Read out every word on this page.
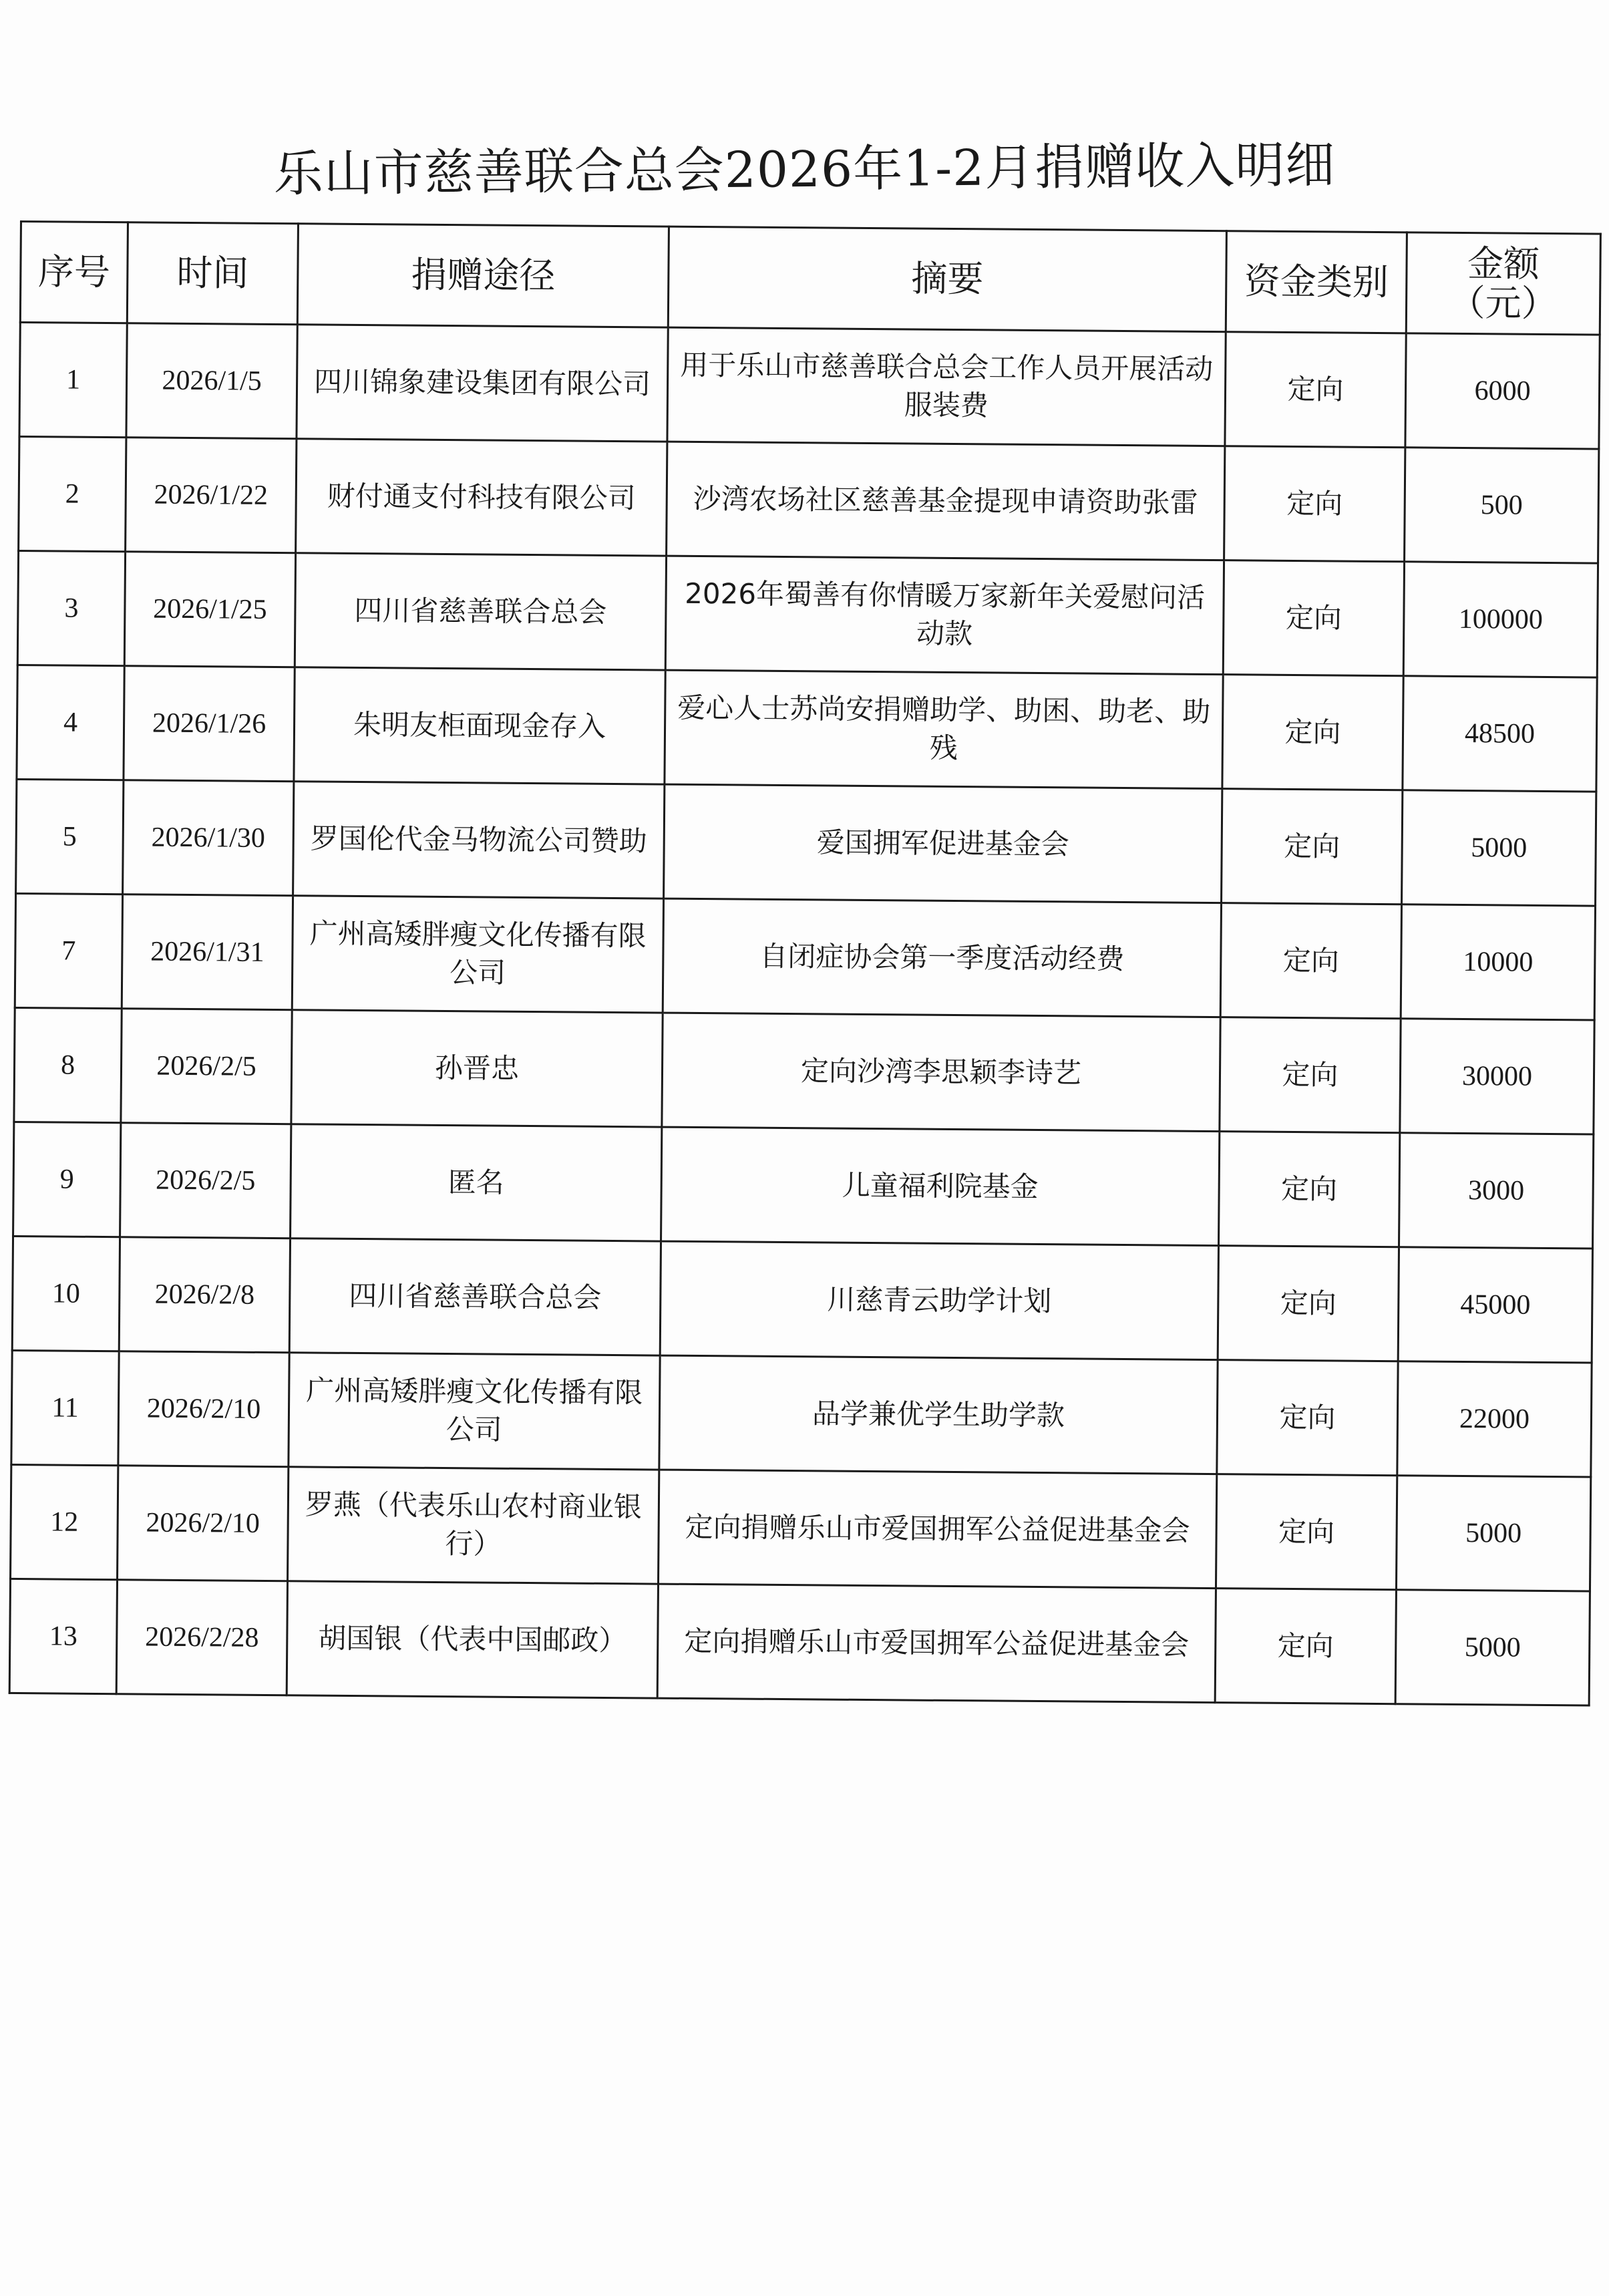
乐山市慈善联合总会2026年1-2月捐赠收入明细
序号	时间	捐赠途径	摘要	资金类别	金额
（元）

1	2026/1/5	四川锦象建设集团有限公司	用于乐山市慈善联合总会工作人员开展活动服装费	定向	6000
2	2026/1/22	财付通支付科技有限公司	沙湾农场社区慈善基金提现申请资助张雷	定向	500
3	2026/1/25	四川省慈善联合总会	2026年蜀善有你情暖万家新年关爱慰问活动款	定向	100000
4	2026/1/26	朱明友柜面现金存入	爱心人士苏尚安捐赠助学、助困、助老、助残	定向	48500
5	2026/1/30	罗国伦代金马物流公司赞助	爱国拥军促进基金会	定向	5000
7	2026/1/31	广州高矮胖瘦文化传播有限公司	自闭症协会第一季度活动经费	定向	10000
8	2026/2/5	孙晋忠	定向沙湾李思颖李诗艺	定向	30000
9	2026/2/5	匿名	儿童福利院基金	定向	3000
10	2026/2/8	四川省慈善联合总会	川慈青云助学计划	定向	45000
11	2026/2/10	广州高矮胖瘦文化传播有限公司	品学兼优学生助学款	定向	22000
12	2026/2/10	罗燕（代表乐山农村商业银行）	定向捐赠乐山市爱国拥军公益促进基金会	定向	5000
13	2026/2/28	胡国银（代表中国邮政）	定向捐赠乐山市爱国拥军公益促进基金会	定向	5000
